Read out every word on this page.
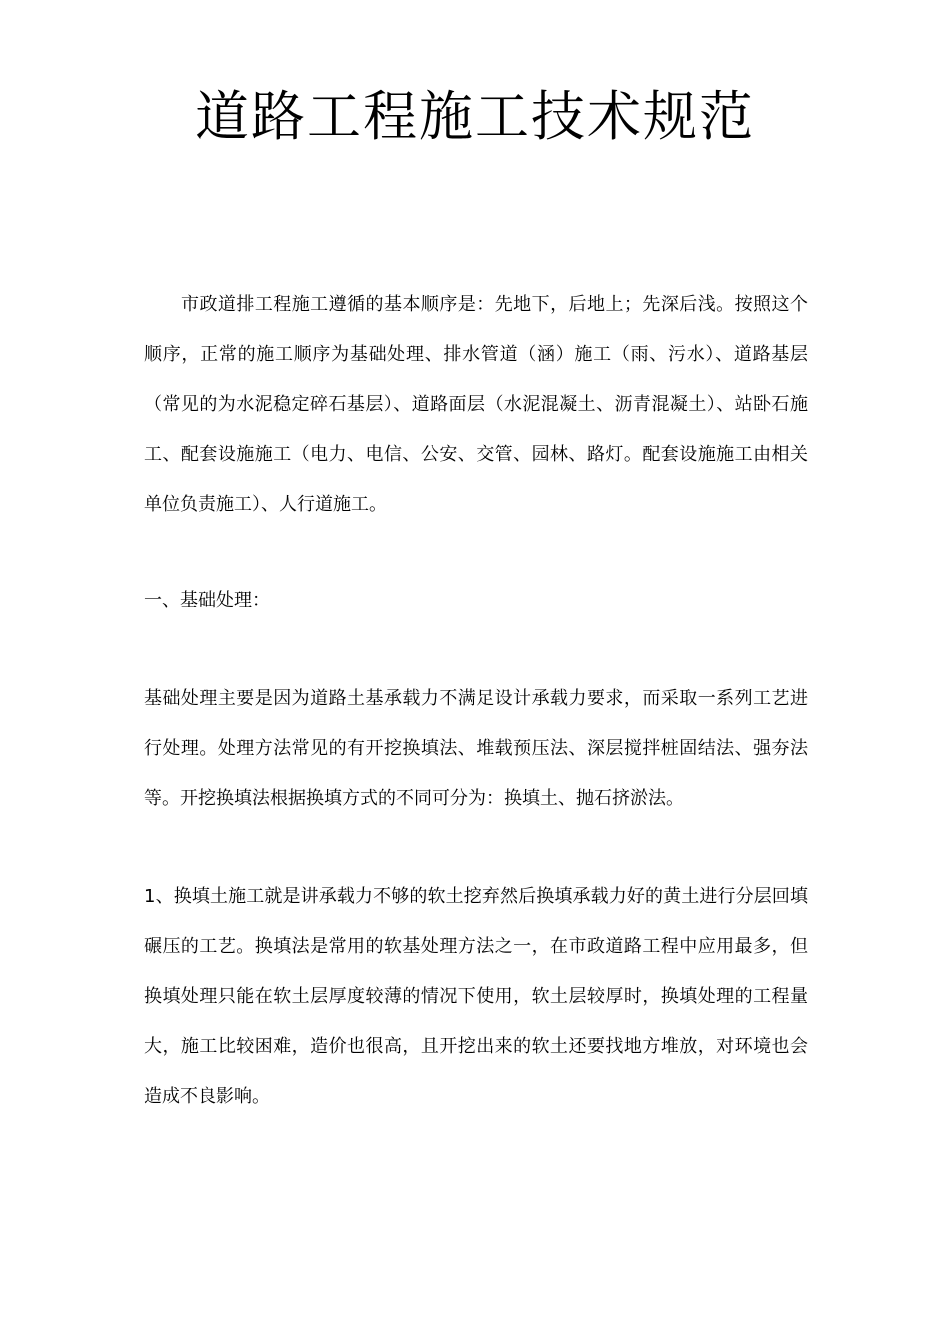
道路工程施工技术规范

市政道排工程施工遵循的基本顺序是：先地下，后地上；先深后浅。按照这个顺序，正常的施工顺序为基础处理、排水管道（涵）施工（雨、污水）、道路基层（常见的为水泥稳定碎石基层）、道路面层（水泥混凝土、沥青混凝土）、站卧石施工、配套设施施工（电力、电信、公安、交管、园林、路灯。配套设施施工由相关单位负责施工）、人行道施工。

一、基础处理：

基础处理主要是因为道路土基承载力不满足设计承载力要求，而采取一系列工艺进行处理。处理方法常见的有开挖换填法、堆载预压法、深层搅拌桩固结法、强夯法等。开挖换填法根据换填方式的不同可分为：换填土、抛石挤淤法。

1、换填土施工就是讲承载力不够的软土挖弃然后换填承载力好的黄土进行分层回填碾压的工艺。换填法是常用的软基处理方法之一，在市政道路工程中应用最多，但换填处理只能在软土层厚度较薄的情况下使用，软土层较厚时，换填处理的工程量大，施工比较困难，造价也很高，且开挖出来的软土还要找地方堆放，对环境也会造成不良影响。
